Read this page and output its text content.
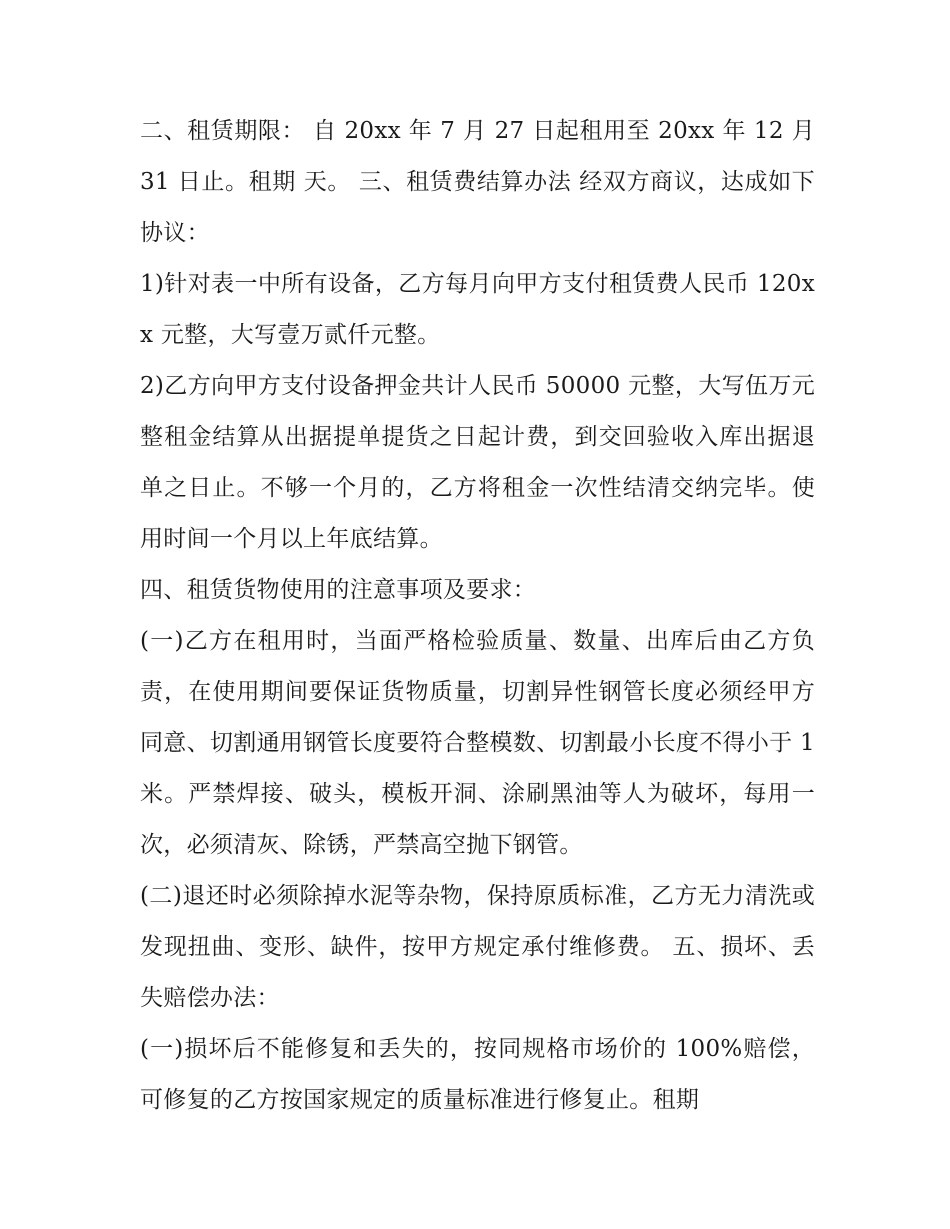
二、租赁期限： 自 20xx 年 7 月 27 日起租用至 20xx 年 12 月 31 日止。租期 天。 三、租赁费结算办法 经双方商议，达成如下协议：

1)针对表一中所有设备，乙方每月向甲方支付租赁费人民币 120xx 元整，大写壹万贰仟元整。

2)乙方向甲方支付设备押金共计人民币 50000 元整，大写伍万元整租金结算从出据提单提货之日起计费，到交回验收入库出据退单之日止。不够一个月的，乙方将租金一次性结清交纳完毕。使用时间一个月以上年底结算。

四、租赁货物使用的注意事项及要求：

(一)乙方在租用时，当面严格检验质量、数量、出库后由乙方负责，在使用期间要保证货物质量，切割异性钢管长度必须经甲方同意、切割通用钢管长度要符合整模数、切割最小长度不得小于 1 米。严禁焊接、破头，模板开洞、涂刷黑油等人为破坏，每用一次，必须清灰、除锈，严禁高空抛下钢管。

(二)退还时必须除掉水泥等杂物，保持原质标准，乙方无力清洗或发现扭曲、变形、缺件，按甲方规定承付维修费。 五、损坏、丢失赔偿办法：

(一)损坏后不能修复和丢失的，按同规格市场价的 100%赔偿，可修复的乙方按国家规定的质量标准进行修复止。租期
